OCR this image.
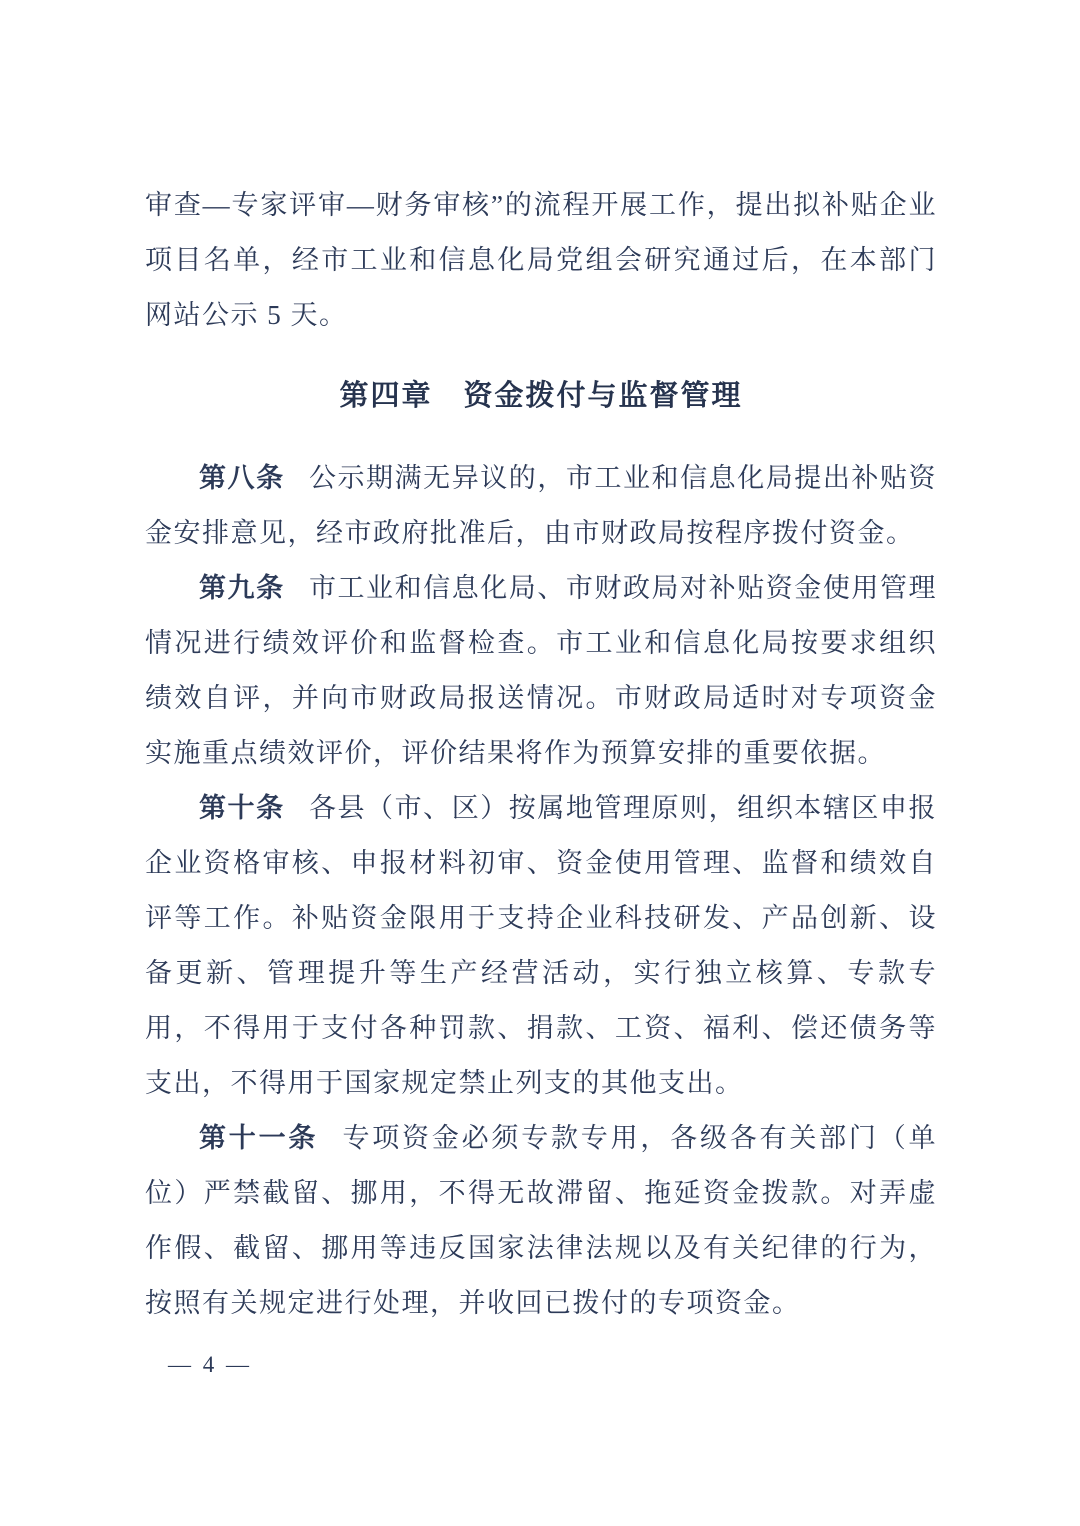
审查—专家评审—财务审核”的流程开展工作，提出拟补贴企业项目名单，经市工业和信息化局党组会研究通过后，在本部门网站公示 5 天。

第四章　资金拨付与监督管理

第八条 公示期满无异议的，市工业和信息化局提出补贴资金安排意见，经市政府批准后，由市财政局按程序拨付资金。

第九条 市工业和信息化局、市财政局对补贴资金使用管理情况进行绩效评价和监督检查。市工业和信息化局按要求组织绩效自评，并向市财政局报送情况。市财政局适时对专项资金实施重点绩效评价，评价结果将作为预算安排的重要依据。

第十条 各县（市、区）按属地管理原则，组织本辖区申报企业资格审核、申报材料初审、资金使用管理、监督和绩效自评等工作。补贴资金限用于支持企业科技研发、产品创新、设备更新、管理提升等生产经营活动，实行独立核算、专款专用，不得用于支付各种罚款、捐款、工资、福利、偿还债务等支出，不得用于国家规定禁止列支的其他支出。

第十一条 专项资金必须专款专用，各级各有关部门（单位）严禁截留、挪用，不得无故滞留、拖延资金拨款。对弄虚作假、截留、挪用等违反国家法律法规以及有关纪律的行为，按照有关规定进行处理，并收回已拨付的专项资金。

— 4 —
